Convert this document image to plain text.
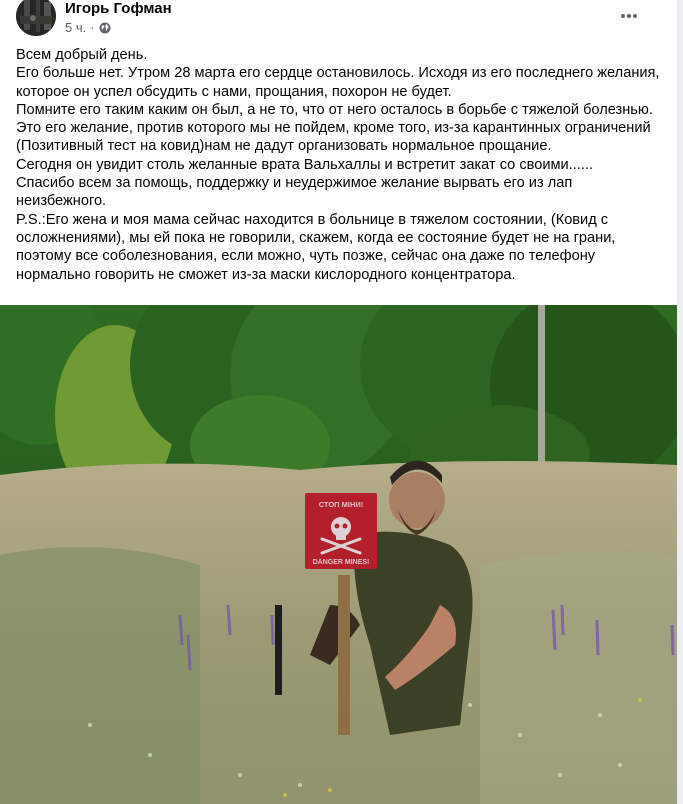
Игорь Гофман
5 ч. ·

Всем добрый день.

Его больше нет. Утром 28 марта его сердце остановилось. Исходя из его последнего желания, которое он успел обсудить с нами, прощания, похорон не будет.

Помните его таким каким он был, а не то, что от него осталось в борьбе с тяжелой болезнью. Это его желание, против которого мы не пойдем, кроме того, из-за карантинных ограничений (Позитивный тест на ковид)нам не дадут организовать нормальное прощание.

Сегодня он увидит столь желанные врата Вальхаллы и встретит закат со своими......

Спасибо всем за помощь, поддержку и неудержимое желание вырвать его из лап неизбежного.

P.S.:Его жена и моя мама сейчас находится в больнице в тяжелом состоянии, (Ковид с осложнениями), мы ей пока не говорили, скажем, когда ее состояние будет не на грани, поэтому все соболезнования, если можно, чуть позже, сейчас она даже по телефону нормально говорить не сможет из-за маски кислородного концентратора.

СТОП МІНИ!
DANGER MINES!
